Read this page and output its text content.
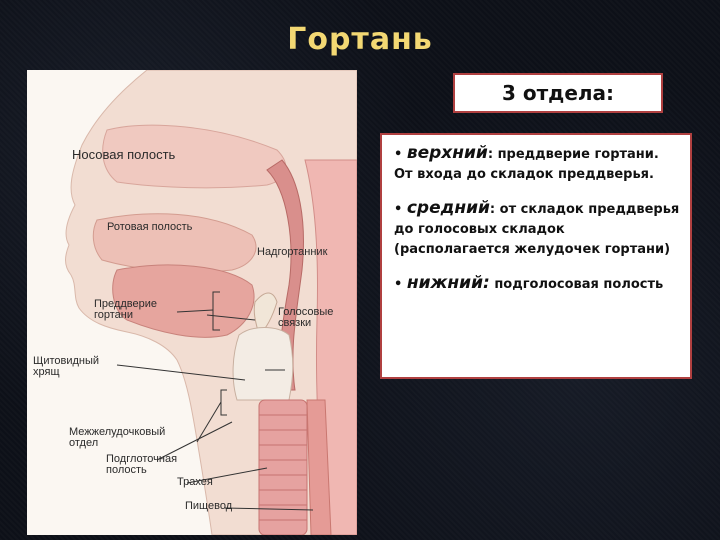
Гортань
Носовая полость
Ротовая полость
Надгортанник
Преддверие
гортани	Голосовые
связки
Щитовидный
хрящ
Межжелудочковый
отдел
Подглоточная
полость
Трахея
Пищевод
3 отдела:
• верхний: преддверие гортани. От входа до складок преддверья.
• средний: от складок преддверья до голосовых складок (располагается желудочек гортани)
• нижний: подголосовая полость
